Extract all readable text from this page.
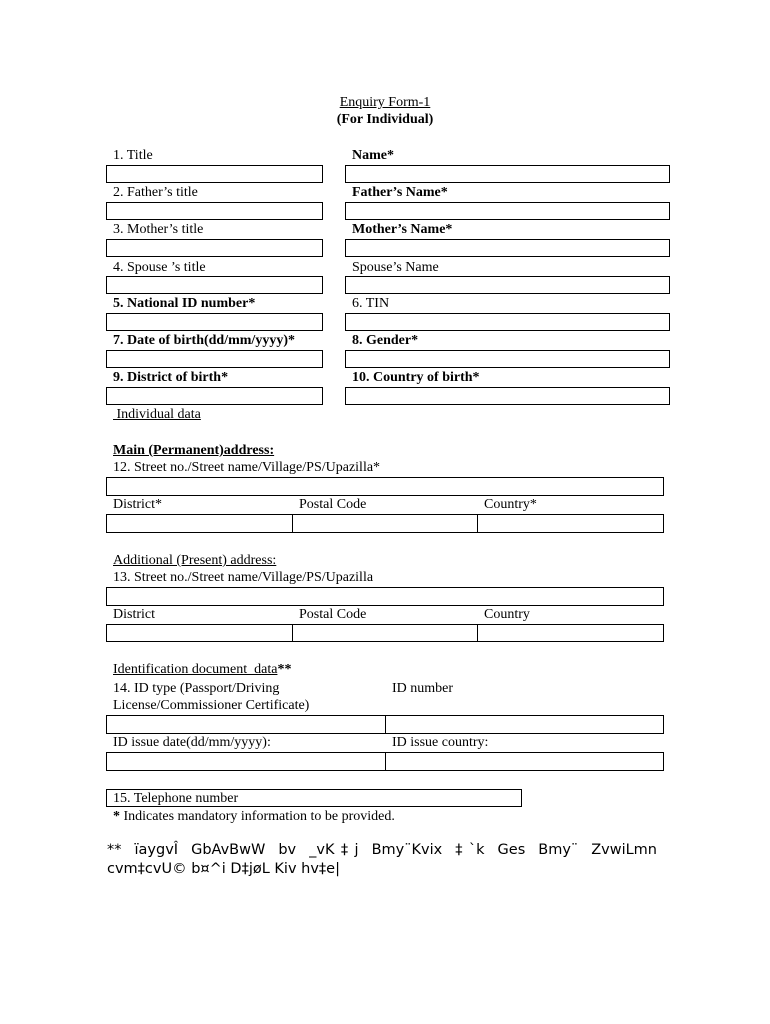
Enquiry Form-1
(For Individual)
1. Title	Name*
2. Father’s title	Father’s Name*
3. Mother’s title	Mother’s Name*
4. Spouse ’s title	Spouse’s Name
5. National ID number*	6. TIN
7. Date of birth(dd/mm/yyyy)*	8. Gender*
9. District of birth*	10. Country of birth*
Individual data
Main (Permanent)address:
12. Street no./Street name/Village/PS/Upazilla*
District*	Postal Code	Country*
Additional (Present) address:
13. Street no./Street name/Village/PS/Upazilla
District	Postal Code	Country
Identification document  data**
14. ID type (Passport/Driving
License/Commissioner Certificate)
ID number
ID issue date(dd/mm/yyyy):	ID issue country:
15. Telephone number
* Indicates mandatory information to be provided.
** ïaygvÎ GbAvBwW bv _vK‡j Bmy¨Kvix ‡`k Ges Bmy¨ ZvwiLmn
cvm‡cvU© b¤^i D‡jøL Kiv hv‡e|
